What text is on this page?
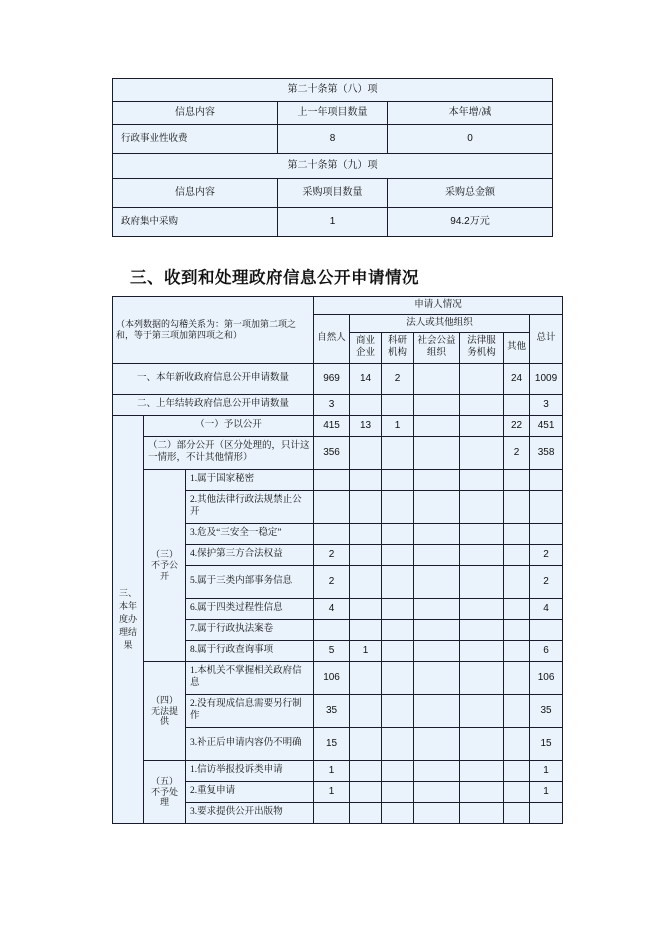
第二十条第（八）项		
信息内容	上一年项目数量	本年增/减
行政事业性收费	8	0
第二十条第（九）项		
信息内容	采购项目数量	采购总金额
政府集中采购	1	94.2万元
三、收到和处理政府信息公开申请情况
（本列数据的勾稽关系为：第一项加第二项之和，等于第三项加第四项之和）			申请人情况						
			自然人	法人或其他组织					总计
				商业企业	科研机构	社会公益组织	法律服务机构	其他	
一、本年新收政府信息公开申请数量			969	14	2			24	1009
二、上年结转政府信息公开申请数量			3						3
三、本年度办理结果	（一）予以公开		415	13	1			22	451
	（二）部分公开（区分处理的，只计这一情形，不计其他情形）		356					2	358
	（三）不予公开	1.属于国家秘密							
		2.其他法律行政法规禁止公开							
		3.危及“三安全一稳定”							
		4.保护第三方合法权益	2						2
		5.属于三类内部事务信息	2						2
		6.属于四类过程性信息	4						4
		7.属于行政执法案卷							
		8.属于行政查询事项	5	1					6
	（四）无法提供	1.本机关不掌握相关政府信息	106						106
		2.没有现成信息需要另行制作	35						35
		3.补正后申请内容仍不明确	15						15
	（五）不予处理	1.信访举报投诉类申请	1						1
		2.重复申请	1						1
		3.要求提供公开出版物							
